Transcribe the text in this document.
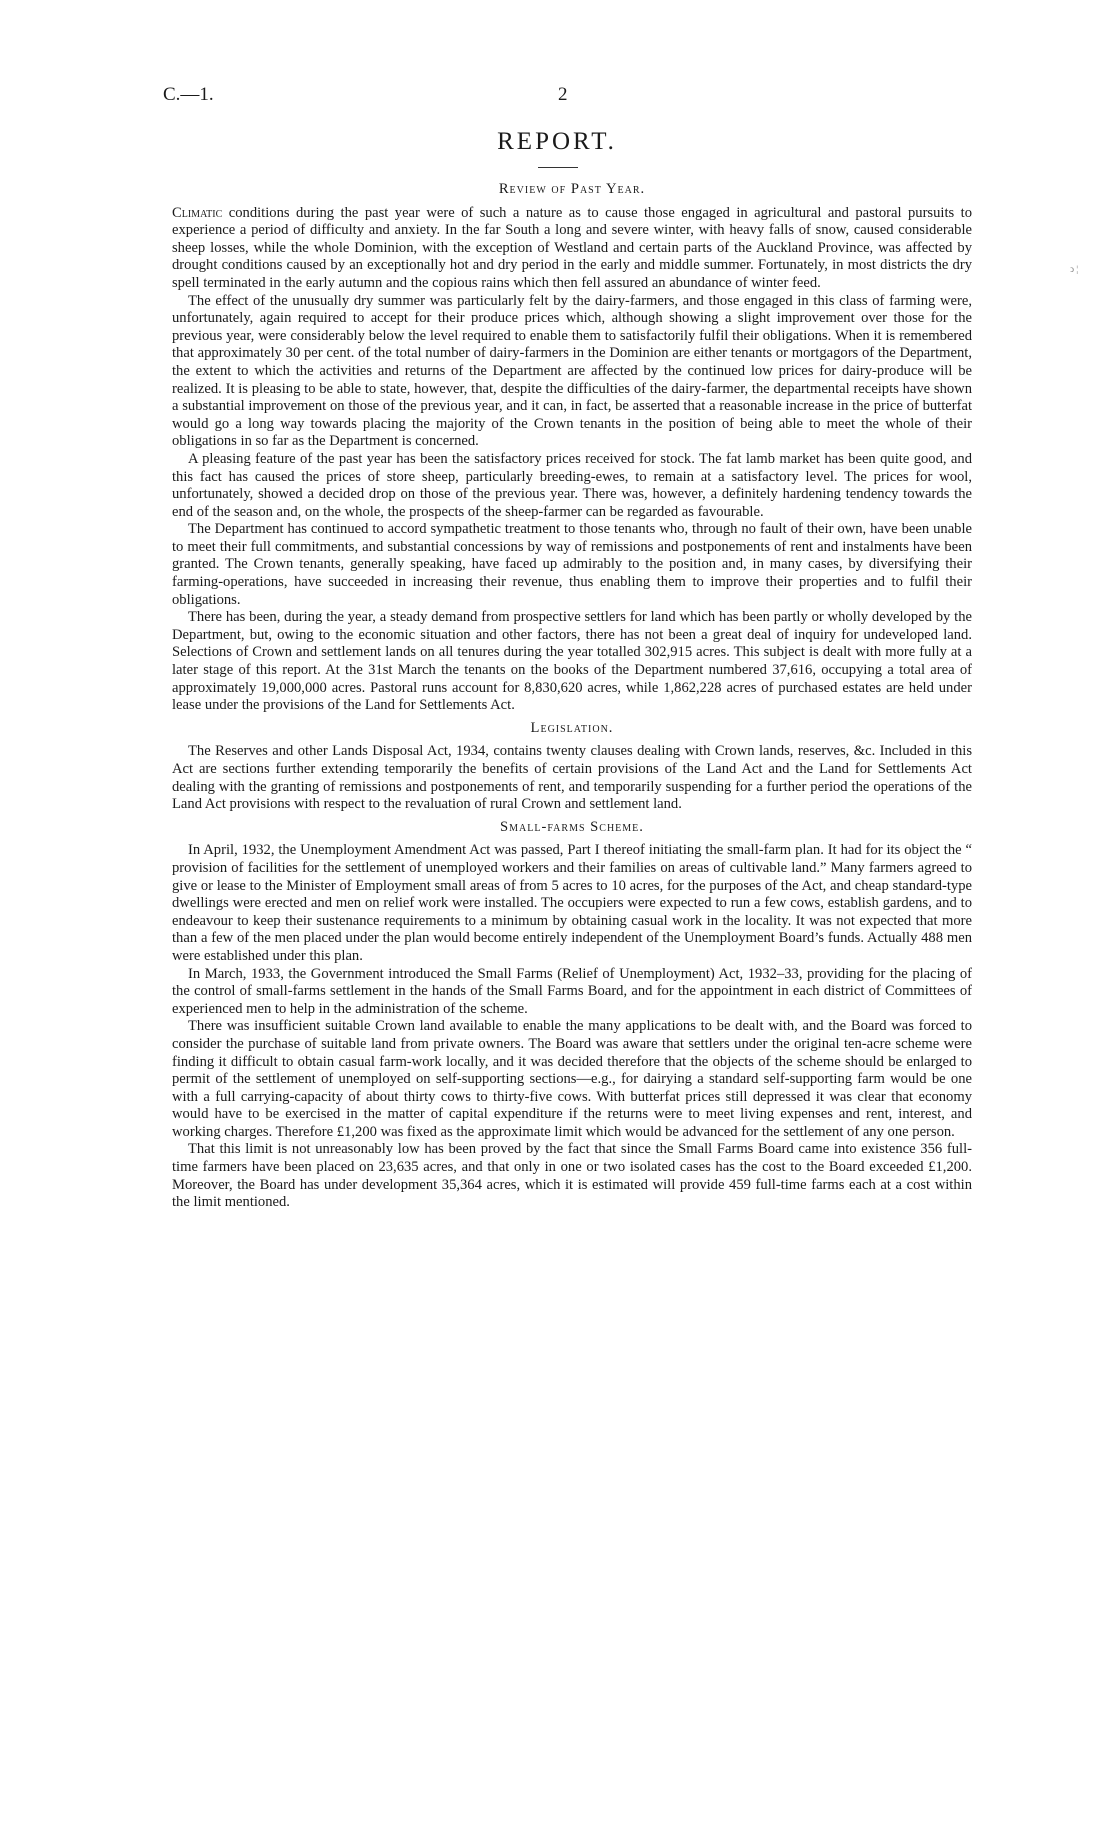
C.—1.	2
REPORT.
ↄ ¦
Review of Past Year.

Climatic conditions during the past year were of such a nature as to cause those engaged in agricultural and pastoral pursuits to experience a period of difficulty and anxiety. In the far South a long and severe winter, with heavy falls of snow, caused considerable sheep losses, while the whole Dominion, with the exception of Westland and certain parts of the Auckland Province, was affected by drought conditions caused by an exceptionally hot and dry period in the early and middle summer. Fortunately, in most districts the dry spell terminated in the early autumn and the copious rains which then fell assured an abundance of winter feed.

The effect of the unusually dry summer was particularly felt by the dairy-farmers, and those engaged in this class of farming were, unfortunately, again required to accept for their produce prices which, although showing a slight improvement over those for the previous year, were considerably below the level required to enable them to satisfactorily fulfil their obligations. When it is remembered that approximately 30 per cent. of the total number of dairy-farmers in the Dominion are either tenants or mortgagors of the Department, the extent to which the activities and returns of the Department are affected by the continued low prices for dairy-produce will be realized. It is pleasing to be able to state, however, that, despite the difficulties of the dairy-farmer, the departmental receipts have shown a substantial improvement on those of the previous year, and it can, in fact, be asserted that a reasonable increase in the price of butterfat would go a long way towards placing the majority of the Crown tenants in the position of being able to meet the whole of their obligations in so far as the Department is concerned.

A pleasing feature of the past year has been the satisfactory prices received for stock. The fat lamb market has been quite good, and this fact has caused the prices of store sheep, particularly breeding-ewes, to remain at a satisfactory level. The prices for wool, unfortunately, showed a decided drop on those of the previous year. There was, however, a definitely hardening tendency towards the end of the season and, on the whole, the prospects of the sheep-farmer can be regarded as favourable.

The Department has continued to accord sympathetic treatment to those tenants who, through no fault of their own, have been unable to meet their full commitments, and substantial concessions by way of remissions and postponements of rent and instalments have been granted. The Crown tenants, generally speaking, have faced up admirably to the position and, in many cases, by diversifying their farming-operations, have succeeded in increasing their revenue, thus enabling them to improve their properties and to fulfil their obligations.

There has been, during the year, a steady demand from prospective settlers for land which has been partly or wholly developed by the Department, but, owing to the economic situation and other factors, there has not been a great deal of inquiry for undeveloped land. Selections of Crown and settlement lands on all tenures during the year totalled 302,915 acres. This subject is dealt with more fully at a later stage of this report. At the 31st March the tenants on the books of the Department numbered 37,616, occupying a total area of approximately 19,000,000 acres. Pastoral runs account for 8,830,620 acres, while 1,862,228 acres of purchased estates are held under lease under the provisions of the Land for Settlements Act.

Legislation.

The Reserves and other Lands Disposal Act, 1934, contains twenty clauses dealing with Crown lands, reserves, &c. Included in this Act are sections further extending temporarily the benefits of certain provisions of the Land Act and the Land for Settlements Act dealing with the granting of remissions and postponements of rent, and temporarily suspending for a further period the operations of the Land Act provisions with respect to the revaluation of rural Crown and settlement land.

Small-farms Scheme.

In April, 1932, the Unemployment Amendment Act was passed, Part I thereof initiating the small-farm plan. It had for its object the “ provision of facilities for the settlement of unemployed workers and their families on areas of cultivable land.” Many farmers agreed to give or lease to the Minister of Employment small areas of from 5 acres to 10 acres, for the purposes of the Act, and cheap standard-type dwellings were erected and men on relief work were installed. The occupiers were expected to run a few cows, establish gardens, and to endeavour to keep their sustenance requirements to a minimum by obtaining casual work in the locality. It was not expected that more than a few of the men placed under the plan would become entirely independent of the Unemployment Board’s funds. Actually 488 men were established under this plan.

In March, 1933, the Government introduced the Small Farms (Relief of Unemployment) Act, 1932–33, providing for the placing of the control of small-farms settlement in the hands of the Small Farms Board, and for the appointment in each district of Committees of experienced men to help in the administration of the scheme.

There was insufficient suitable Crown land available to enable the many applications to be dealt with, and the Board was forced to consider the purchase of suitable land from private owners. The Board was aware that settlers under the original ten-acre scheme were finding it difficult to obtain casual farm-work locally, and it was decided therefore that the objects of the scheme should be enlarged to permit of the settlement of unemployed on self-supporting sections—e.g., for dairying a standard self-supporting farm would be one with a full carrying-capacity of about thirty cows to thirty-five cows. With butterfat prices still depressed it was clear that economy would have to be exercised in the matter of capital expenditure if the returns were to meet living expenses and rent, interest, and working charges. Therefore £1,200 was fixed as the approximate limit which would be advanced for the settlement of any one person.

That this limit is not unreasonably low has been proved by the fact that since the Small Farms Board came into existence 356 full-time farmers have been placed on 23,635 acres, and that only in one or two isolated cases has the cost to the Board exceeded £1,200. Moreover, the Board has under development 35,364 acres, which it is estimated will provide 459 full-time farms each at a cost within the limit mentioned.
